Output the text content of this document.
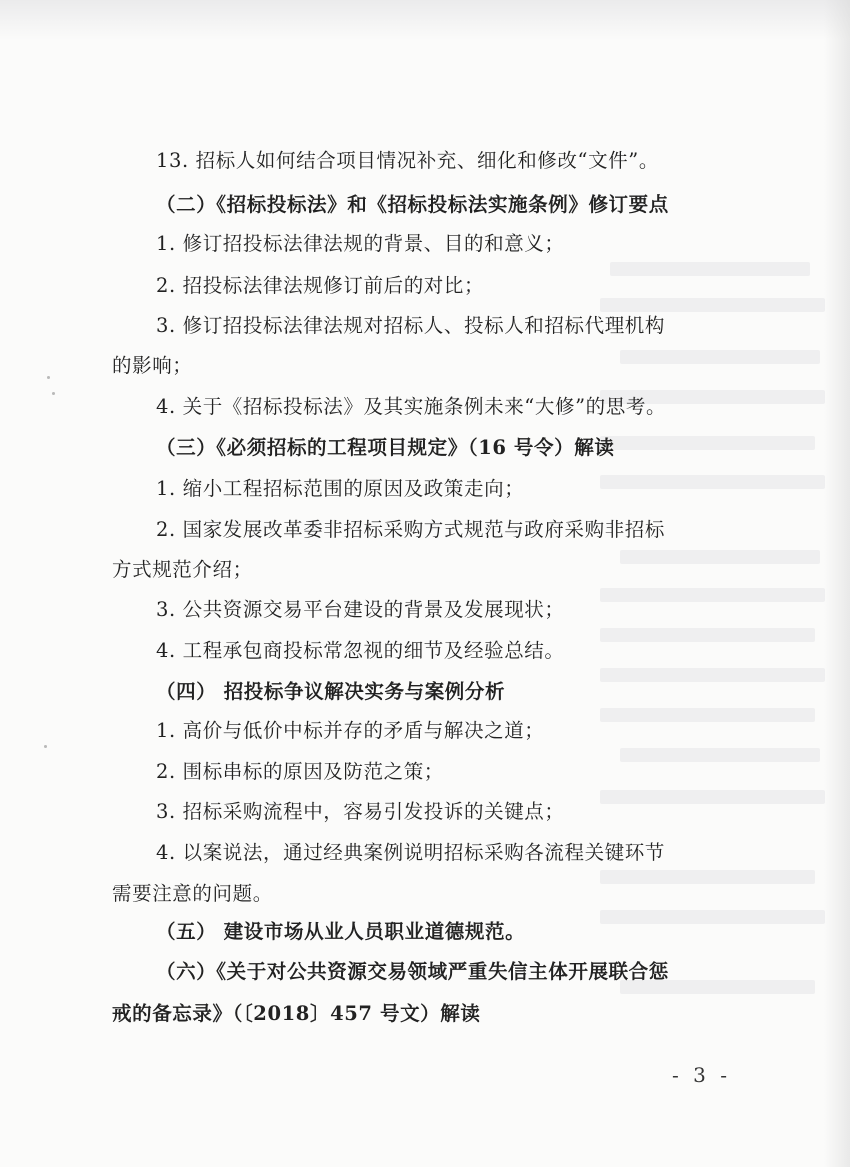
13. 招标人如何结合项目情况补充、细化和修改“文件”。
（二）《招标投标法》和《招标投标法实施条例》修订要点
1. 修订招投标法律法规的背景、目的和意义；
2. 招投标法律法规修订前后的对比；
3. 修订招投标法律法规对招标人、投标人和招标代理机构
的影响；
4. 关于《招标投标法》及其实施条例未来“大修”的思考。
（三）《必须招标的工程项目规定》（16 号令）解读
1. 缩小工程招标范围的原因及政策走向；
2. 国家发展改革委非招标采购方式规范与政府采购非招标
方式规范介绍；
3. 公共资源交易平台建设的背景及发展现状；
4. 工程承包商投标常忽视的细节及经验总结。
（四） 招投标争议解决实务与案例分析
1. 高价与低价中标并存的矛盾与解决之道；
2. 围标串标的原因及防范之策；
3. 招标采购流程中，容易引发投诉的关键点；
4. 以案说法，通过经典案例说明招标采购各流程关键环节
需要注意的问题。
（五） 建设市场从业人员职业道德规范。
（六）《关于对公共资源交易领域严重失信主体开展联合惩
戒的备忘录》（〔2018〕457 号文）解读
- 3 -
